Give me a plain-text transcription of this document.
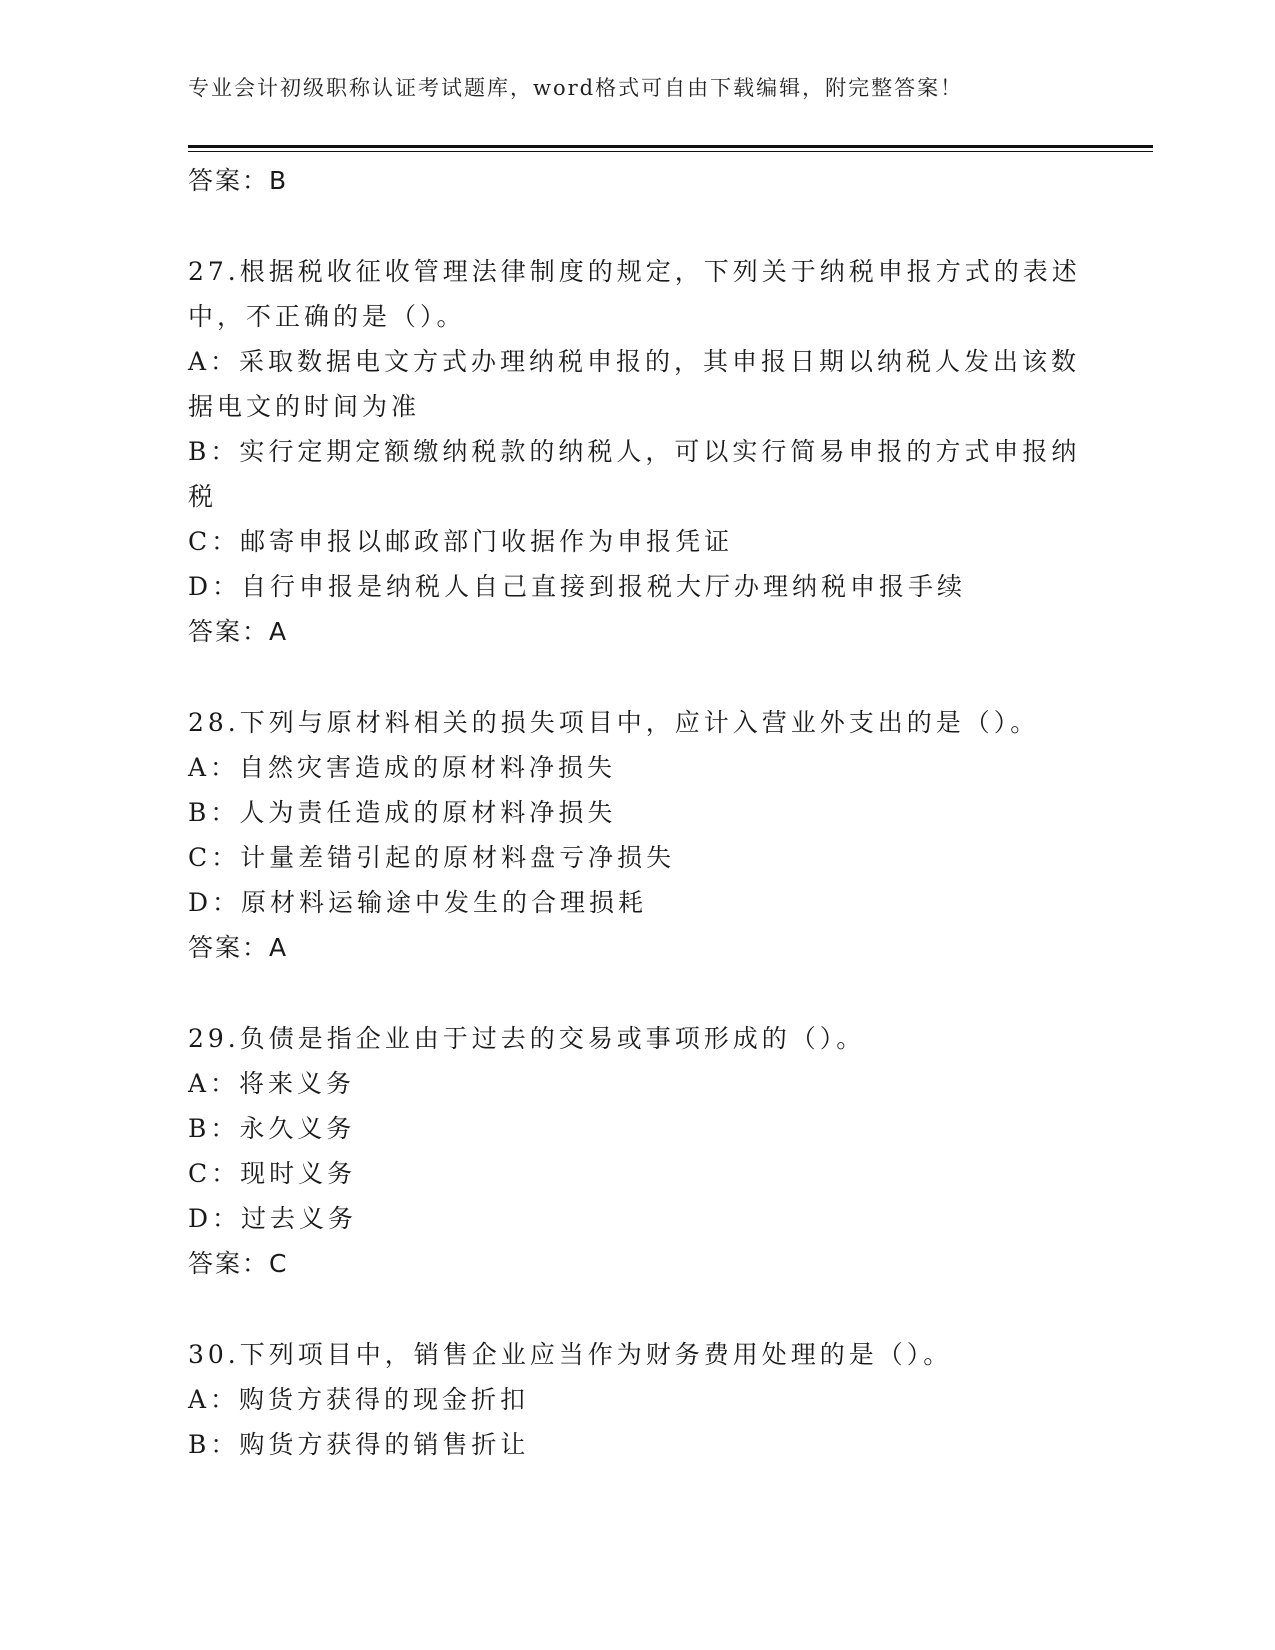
专业会计初级职称认证考试题库，word格式可自由下载编辑，附完整答案！
答案：B
27.根据税收征收管理法律制度的规定，下列关于纳税申报方式的表述
中，不正确的是（）。
A：采取数据电文方式办理纳税申报的，其申报日期以纳税人发出该数
据电文的时间为准
B：实行定期定额缴纳税款的纳税人，可以实行简易申报的方式申报纳
税
C：邮寄申报以邮政部门收据作为申报凭证
D：自行申报是纳税人自己直接到报税大厅办理纳税申报手续
答案：A
28.下列与原材料相关的损失项目中，应计入营业外支出的是（）。
A：自然灾害造成的原材料净损失
B：人为责任造成的原材料净损失
C：计量差错引起的原材料盘亏净损失
D：原材料运输途中发生的合理损耗
答案：A
29.负债是指企业由于过去的交易或事项形成的（）。
A：将来义务
B：永久义务
C：现时义务
D：过去义务
答案：C
30.下列项目中，销售企业应当作为财务费用处理的是（）。
A：购货方获得的现金折扣
B：购货方获得的销售折让
